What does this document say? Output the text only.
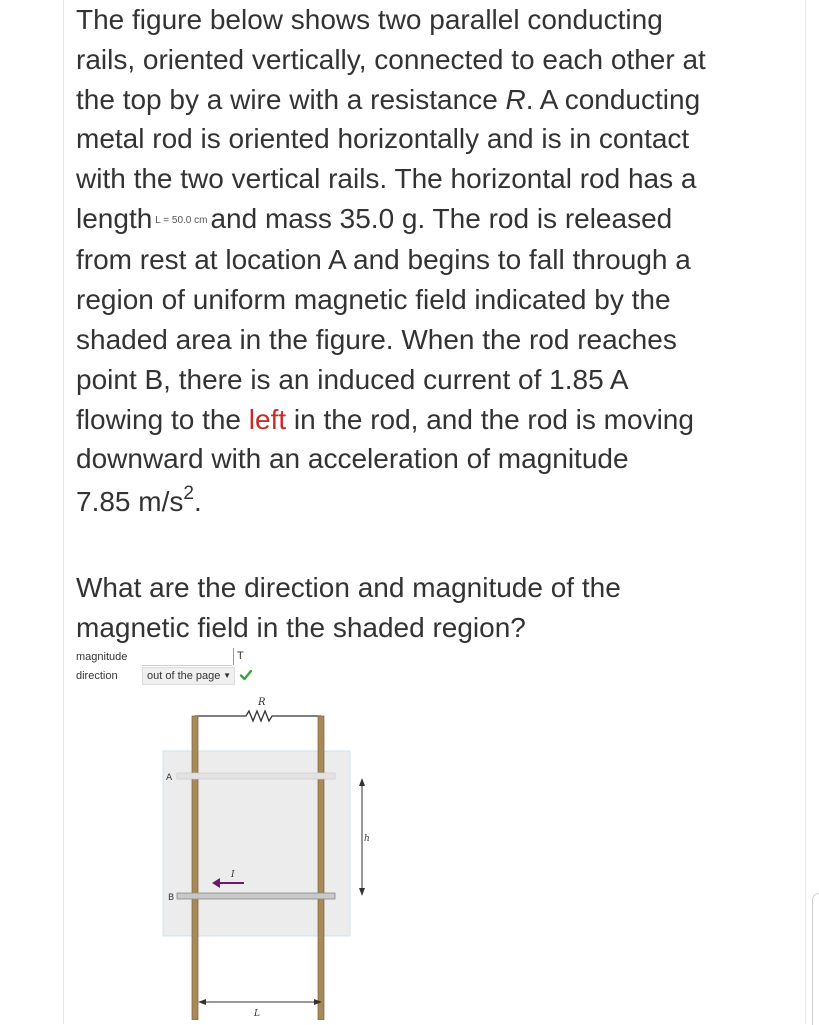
The figure below shows two parallel conducting
rails, oriented vertically, connected to each other at
the top by a wire with a resistance R. A conducting
metal rod is oriented horizontally and is in contact
with the two vertical rails. The horizontal rod has a
length L = 50.0 cm and mass 35.0 g. The rod is released
from rest at location A and begins to fall through a
region of uniform magnetic field indicated by the
shaded area in the figure. When the rod reaches
point B, there is an induced current of 1.85 A
flowing to the left in the rod, and the rod is moving
downward with an acceleration of magnitude
7.85 $m/s^2$.
What are the direction and magnitude of the
magnetic field in the shaded region?
magnitude	T
direction	out of the page ▼
R
A
B
I
h
L
